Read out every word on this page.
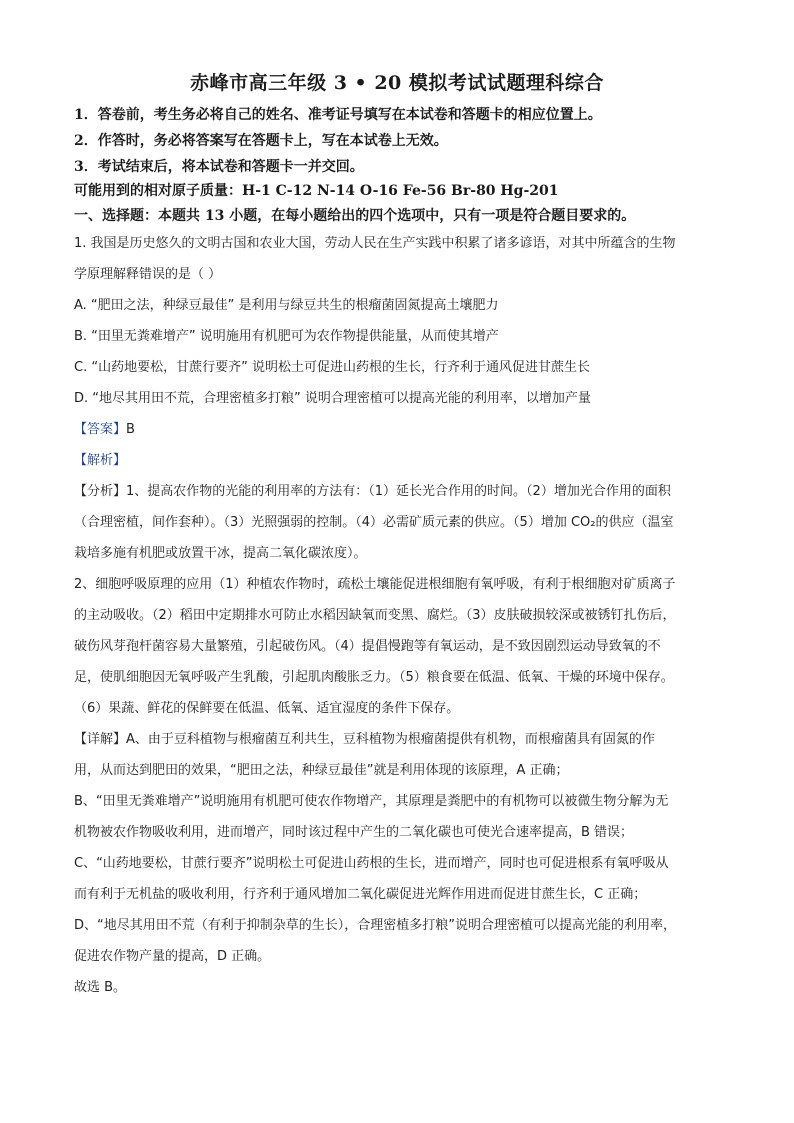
赤峰市高三年级 3 • 20 模拟考试试题理科综合
1．答卷前，考生务必将自己的姓名、准考证号填写在本试卷和答题卡的相应位置上。
2．作答时，务必将答案写在答题卡上，写在本试卷上无效。
3．考试结束后，将本试卷和答题卡一并交回。
可能用到的相对原子质量：H-1 C-12 N-14 O-16 Fe-56 Br-80 Hg-201
一、选择题：本题共 13 小题，在每小题给出的四个选项中，只有一项是符合题目要求的。
1. 我国是历史悠久的文明古国和农业大国，劳动人民在生产实践中积累了诸多谚语，对其中所蕴含的生物
学原理解释错误的是（ ）
A. “肥田之法，种绿豆最佳” 是利用与绿豆共生的根瘤菌固氮提高土壤肥力
B. “田里无粪难增产” 说明施用有机肥可为农作物提供能量，从而使其增产
C. “山药地要松，甘蔗行要齐” 说明松土可促进山药根的生长，行齐利于通风促进甘蔗生长
D. “地尽其用田不荒，合理密植多打粮” 说明合理密植可以提高光能的利用率，以增加产量
【答案】B
【解析】
【分析】1、提高农作物的光能的利用率的方法有：（1）延长光合作用的时间。（2）增加光合作用的面积
（合理密植，间作套种）。（3）光照强弱的控制。（4）必需矿质元素的供应。（5）增加 CO₂的供应（温室
栽培多施有机肥或放置干冰，提高二氧化碳浓度）。
2、细胞呼吸原理的应用（1）种植农作物时，疏松土壤能促进根细胞有氧呼吸，有利于根细胞对矿质离子
的主动吸收。（2）稻田中定期排水可防止水稻因缺氧而变黑、腐烂。（3）皮肤破损较深或被锈钉扎伤后，
破伤风芽孢杆菌容易大量繁殖，引起破伤风。（4）提倡慢跑等有氧运动，是不致因剧烈运动导致氧的不
足，使肌细胞因无氧呼吸产生乳酸，引起肌肉酸胀乏力。（5）粮食要在低温、低氧、干燥的环境中保存。
（6）果蔬、鲜花的保鲜要在低温、低氧、适宜湿度的条件下保存。
【详解】A、由于豆科植物与根瘤菌互利共生，豆科植物为根瘤菌提供有机物，而根瘤菌具有固氮的作
用，从而达到肥田的效果，“肥田之法，种绿豆最佳”就是利用体现的该原理，A 正确；
B、“田里无粪难增产”说明施用有机肥可使农作物增产，其原理是粪肥中的有机物可以被微生物分解为无
机物被农作物吸收利用，进而增产，同时该过程中产生的二氧化碳也可使光合速率提高，B 错误；
C、“山药地要松，甘蔗行要齐”说明松土可促进山药根的生长，进而增产，同时也可促进根系有氧呼吸从
而有利于无机盐的吸收利用，行齐利于通风增加二氧化碳促进光辉作用进而促进甘蔗生长，C 正确；
D、“地尽其用田不荒（有利于抑制杂草的生长），合理密植多打粮”说明合理密植可以提高光能的利用率，
促进农作物产量的提高，D 正确。
故选 B。
